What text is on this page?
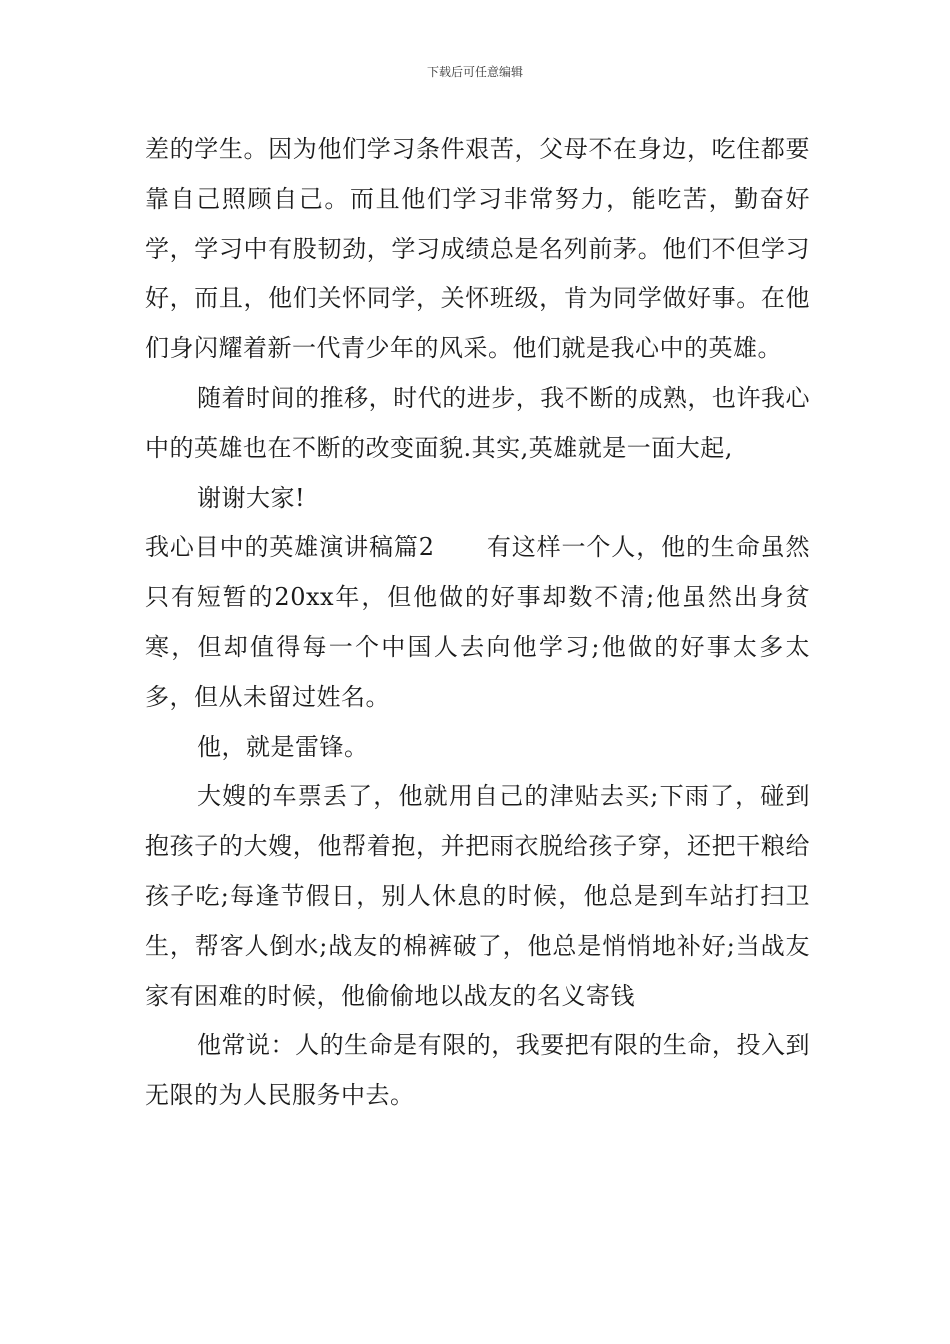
下载后可任意编辑

差的学生。因为他们学习条件艰苦，父母不在身边，吃住都要靠自己照顾自己。而且他们学习非常努力，能吃苦，勤奋好学，学习中有股韧劲，学习成绩总是名列前茅。他们不但学习好，而且，他们关怀同学，关怀班级，肯为同学做好事。在他们身闪耀着新一代青少年的风采。他们就是我心中的英雄。

随着时间的推移，时代的进步，我不断的成熟，也许我心中的英雄也在不断的改变面貌.其实,英雄就是一面大起,

谢谢大家!

我心目中的英雄演讲稿篇2 有这样一个人，他的生命虽然只有短暂的20xx年，但他做的好事却数不清;他虽然出身贫寒，但却值得每一个中国人去向他学习;他做的好事太多太多，但从未留过姓名。

他，就是雷锋。

大嫂的车票丢了，他就用自己的津贴去买;下雨了，碰到抱孩子的大嫂，他帮着抱，并把雨衣脱给孩子穿，还把干粮给孩子吃;每逢节假日，别人休息的时候，他总是到车站打扫卫生，帮客人倒水;战友的棉裤破了，他总是悄悄地补好;当战友家有困难的时候，他偷偷地以战友的名义寄钱

他常说：人的生命是有限的，我要把有限的生命，投入到无限的为人民服务中去。
